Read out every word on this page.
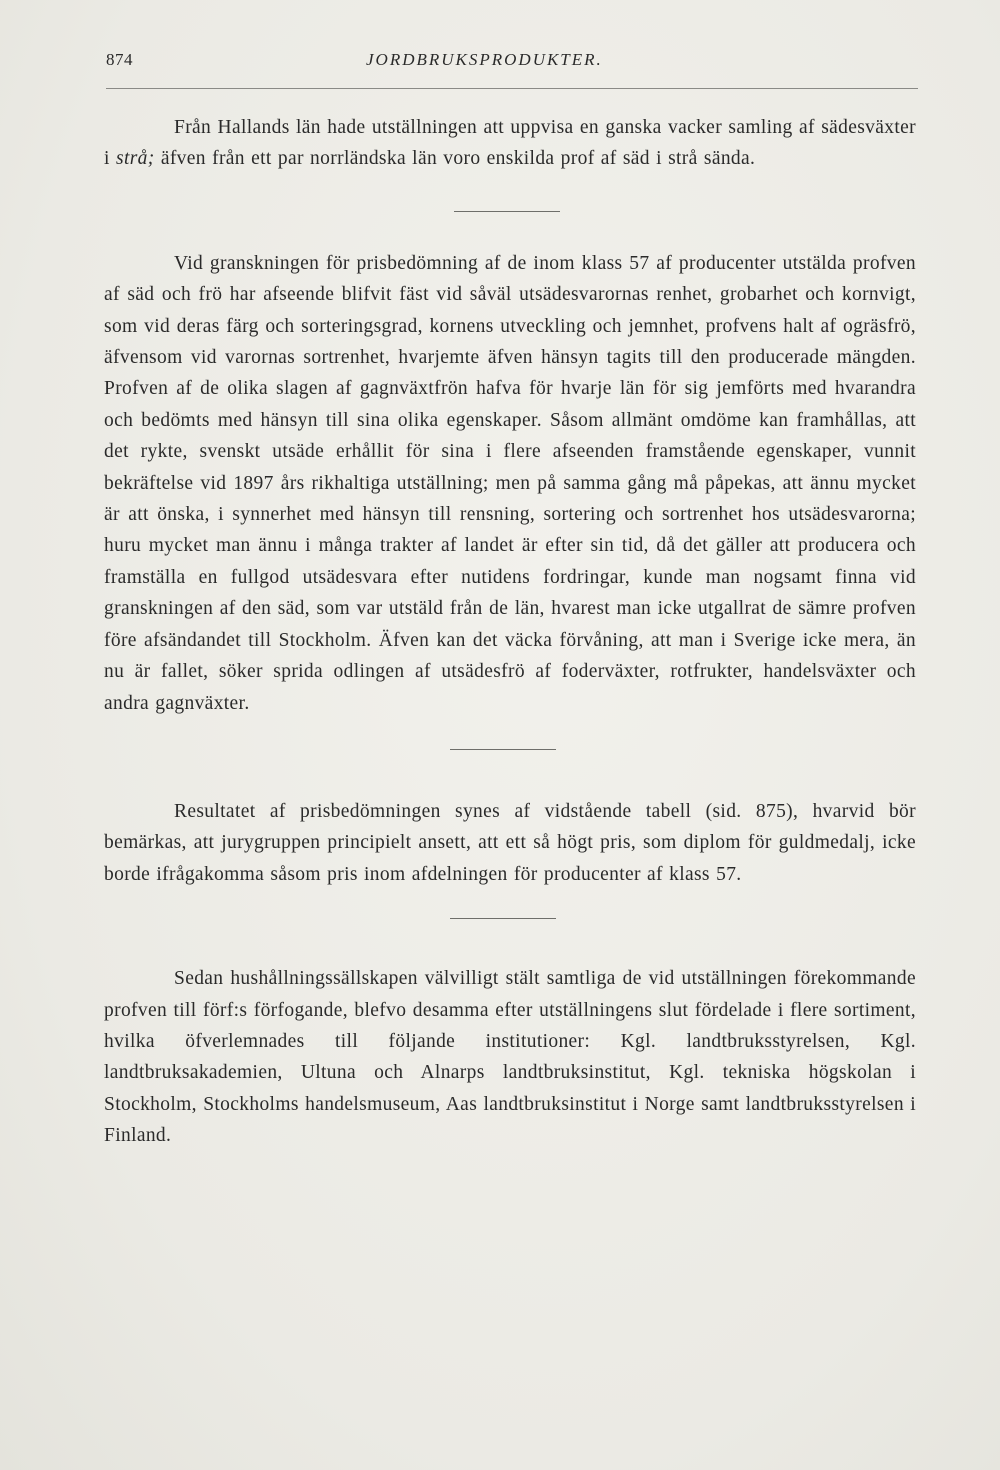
874	JORDBRUKSPRODUKTER.

Från Hallands län hade utställningen att uppvisa en ganska vacker samling af sädesväxter i strå; äfven från ett par norrländska län voro enskilda prof af säd i strå sända.

Vid granskningen för prisbedömning af de inom klass 57 af producenter utstälda profven af säd och frö har afseende blifvit fäst vid såväl utsädesvarornas renhet, grobarhet och kornvigt, som vid deras färg och sorteringsgrad, kornens utveckling och jemnhet, profvens halt af ogräsfrö, äfvensom vid varornas sortrenhet, hvarjemte äfven hänsyn tagits till den producerade mängden. Profven af de olika slagen af gagnväxtfrön hafva för hvarje län för sig jemförts med hvarandra och bedömts med hänsyn till sina olika egenskaper. Såsom allmänt omdöme kan framhållas, att det rykte, svenskt utsäde erhållit för sina i flere afseenden framstående egenskaper, vunnit bekräftelse vid 1897 års rikhaltiga utställning; men på samma gång må påpekas, att ännu mycket är att önska, i synnerhet med hänsyn till rensning, sortering och sortrenhet hos utsädesvarorna; huru mycket man ännu i många trakter af landet är efter sin tid, då det gäller att producera och framställa en fullgod utsädesvara efter nutidens fordringar, kunde man nogsamt finna vid granskningen af den säd, som var utstäld från de län, hvarest man icke utgallrat de sämre profven före afsändandet till Stockholm. Äfven kan det väcka förvåning, att man i Sverige icke mera, än nu är fallet, söker sprida odlingen af utsädesfrö af foderväxter, rotfrukter, handelsväxter och andra gagnväxter.

Resultatet af prisbedömningen synes af vidstående tabell (sid. 875), hvarvid bör bemärkas, att jurygruppen principielt ansett, att ett så högt pris, som diplom för guldmedalj, icke borde ifrågakomma såsom pris inom afdelningen för producenter af klass 57.

Sedan hushållningssällskapen välvilligt stält samtliga de vid utställningen förekommande profven till förf:s förfogande, blefvo desamma efter utställningens slut fördelade i flere sortiment, hvilka öfverlemnades till följande institutioner: Kgl. landtbruksstyrelsen, Kgl. landtbruksakademien, Ultuna och Alnarps landtbruksinstitut, Kgl. tekniska högskolan i Stockholm, Stockholms handelsmuseum, Aas landtbruksinstitut i Norge samt landtbruksstyrelsen i Finland.
